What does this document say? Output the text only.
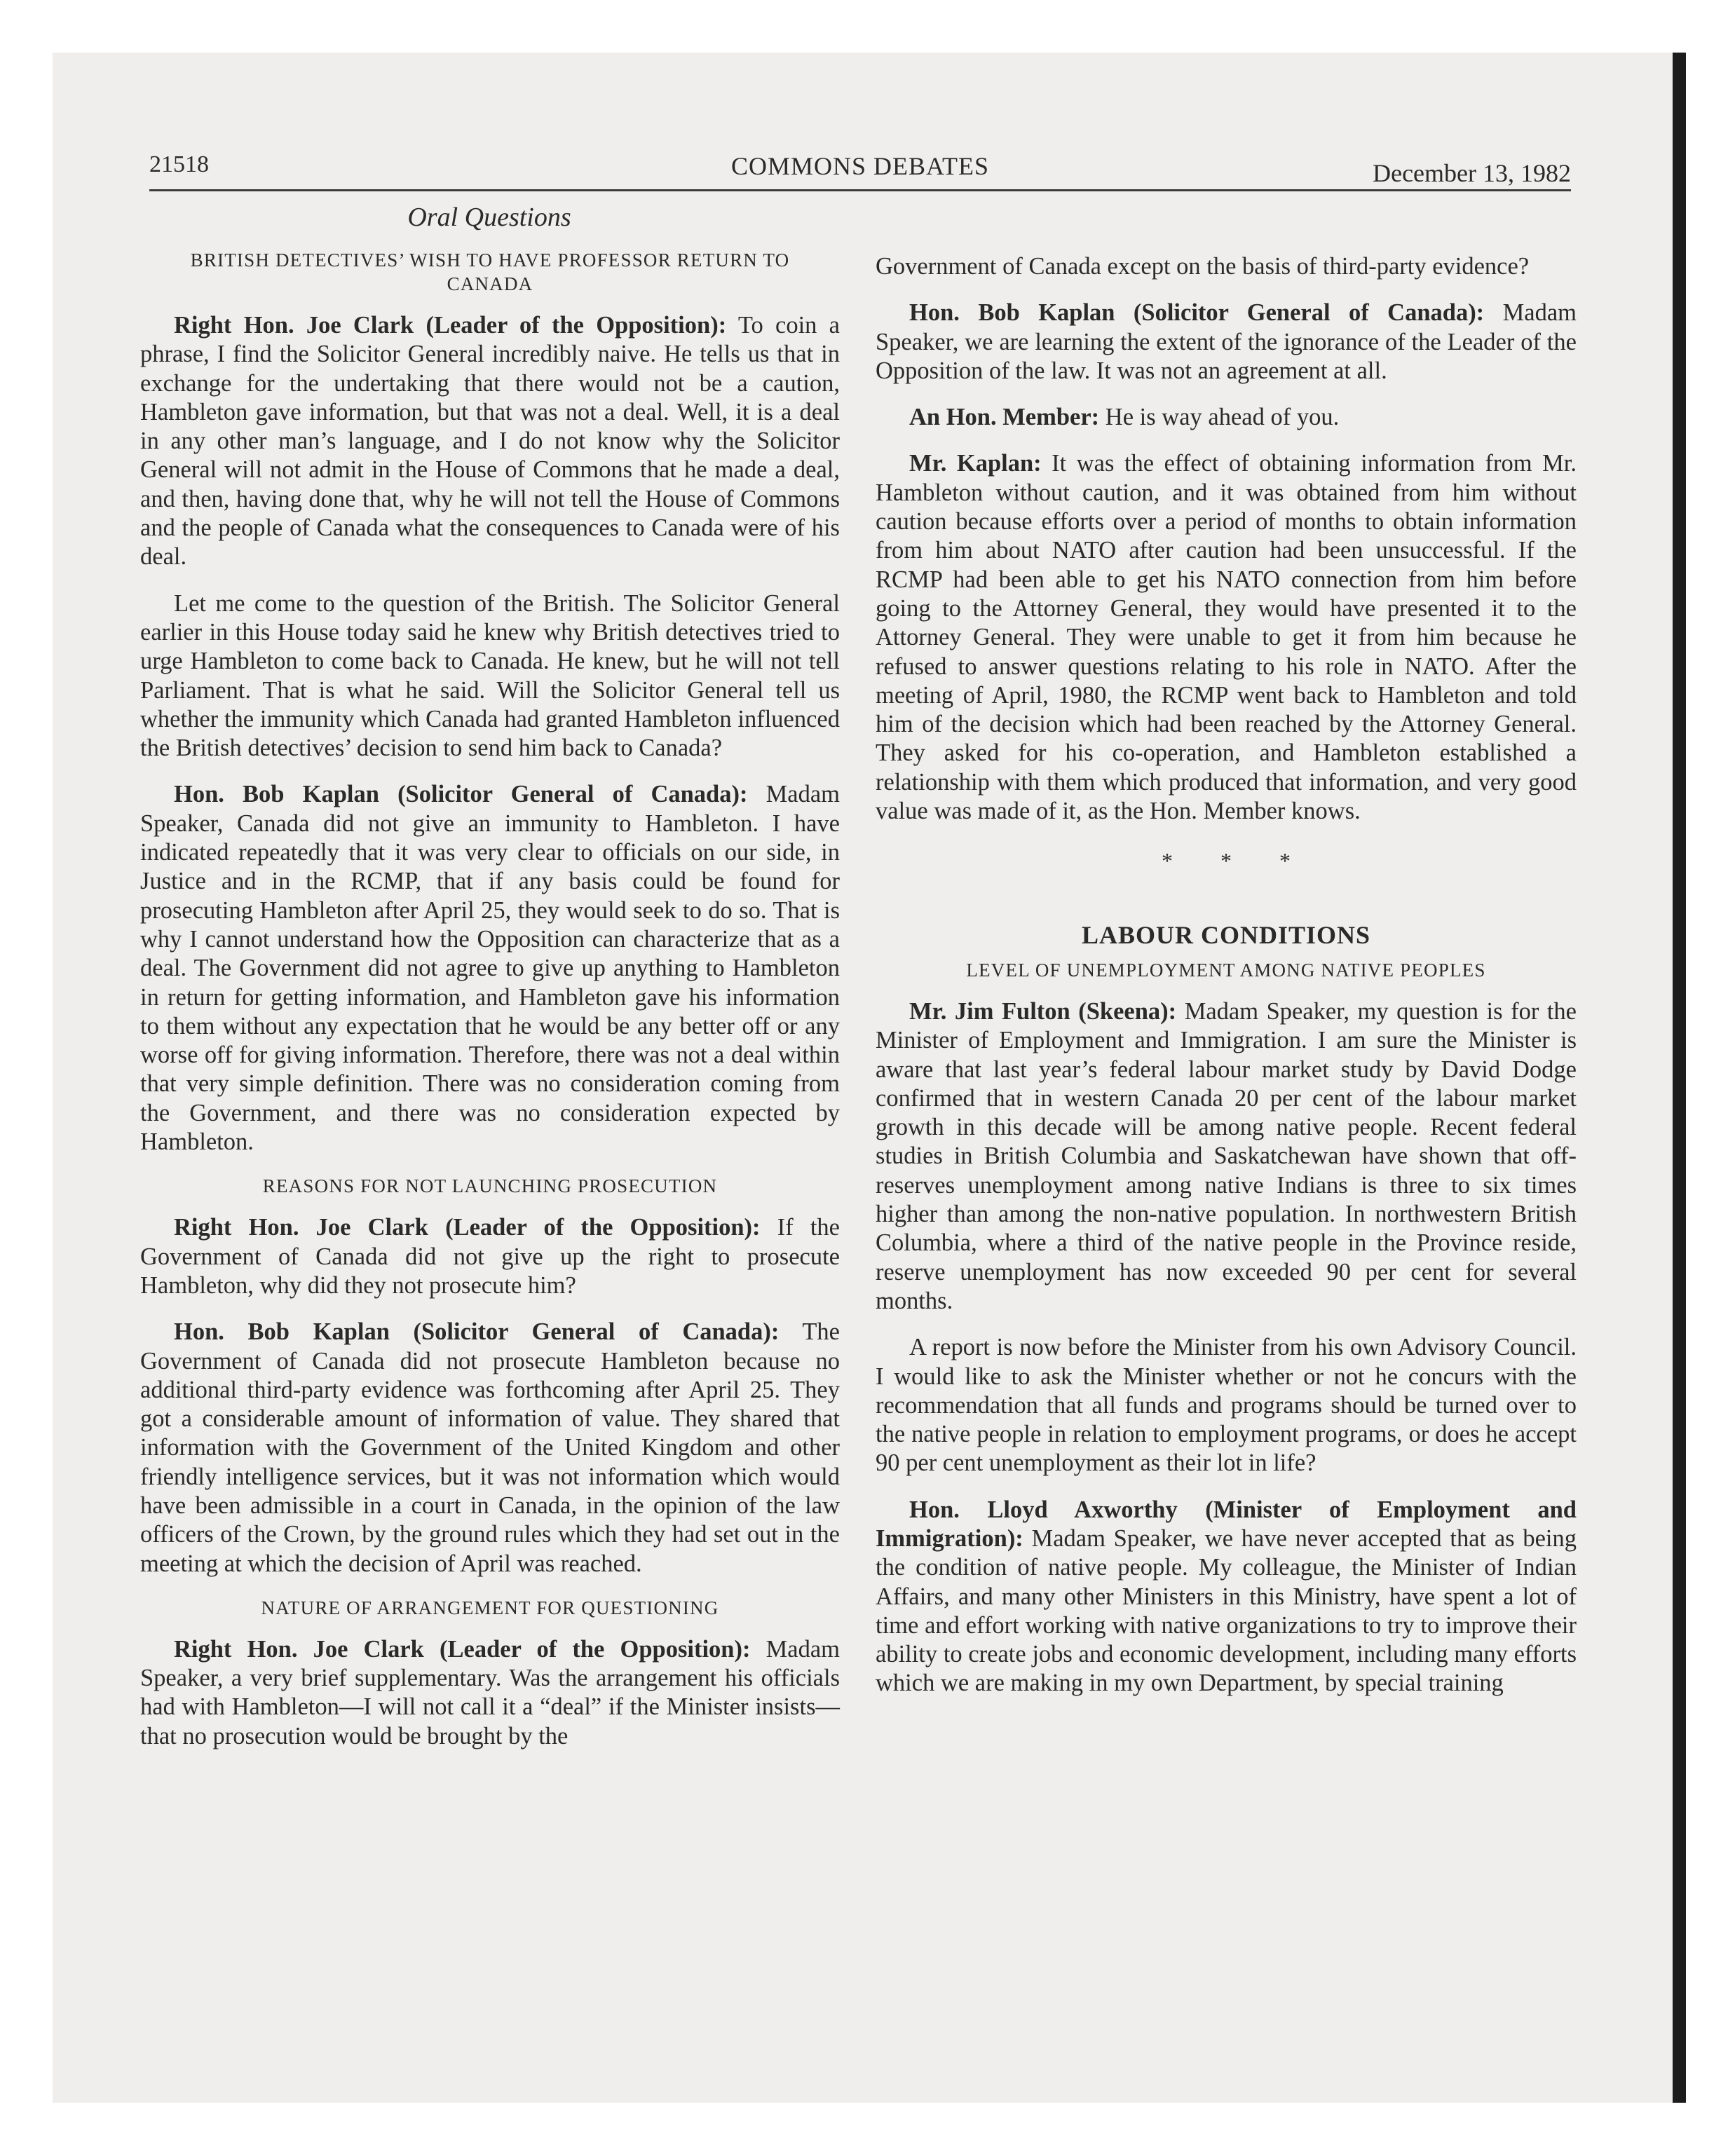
21518	COMMONS DEBATES	December 13, 1982
Oral Questions
BRITISH DETECTIVES’ WISH TO HAVE PROFESSOR RETURN TO CANADA

Right Hon. Joe Clark (Leader of the Opposition): To coin a phrase, I find the Solicitor General incredibly naive. He tells us that in exchange for the undertaking that there would not be a caution, Hambleton gave information, but that was not a deal. Well, it is a deal in any other man’s language, and I do not know why the Solicitor General will not admit in the House of Commons that he made a deal, and then, having done that, why he will not tell the House of Commons and the people of Canada what the consequences to Canada were of his deal.

Let me come to the question of the British. The Solicitor General earlier in this House today said he knew why British detectives tried to urge Hambleton to come back to Canada. He knew, but he will not tell Parliament. That is what he said. Will the Solicitor General tell us whether the immunity which Canada had granted Hambleton influenced the British detectives’ decision to send him back to Canada?

Hon. Bob Kaplan (Solicitor General of Canada): Madam Speaker, Canada did not give an immunity to Hambleton. I have indicated repeatedly that it was very clear to officials on our side, in Justice and in the RCMP, that if any basis could be found for prosecuting Hambleton after April 25, they would seek to do so. That is why I cannot understand how the Opposition can characterize that as a deal. The Government did not agree to give up anything to Hambleton in return for getting information, and Hambleton gave his information to them without any expectation that he would be any better off or any worse off for giving information. Therefore, there was not a deal within that very simple definition. There was no consideration coming from the Government, and there was no consideration expected by Hambleton.

REASONS FOR NOT LAUNCHING PROSECUTION

Right Hon. Joe Clark (Leader of the Opposition): If the Government of Canada did not give up the right to prosecute Hambleton, why did they not prosecute him?

Hon. Bob Kaplan (Solicitor General of Canada): The Government of Canada did not prosecute Hambleton because no additional third-party evidence was forthcoming after April 25. They got a considerable amount of information of value. They shared that information with the Government of the United Kingdom and other friendly intelligence services, but it was not information which would have been admissible in a court in Canada, in the opinion of the law officers of the Crown, by the ground rules which they had set out in the meeting at which the decision of April was reached.

NATURE OF ARRANGEMENT FOR QUESTIONING

Right Hon. Joe Clark (Leader of the Opposition): Madam Speaker, a very brief supplementary. Was the arrangement his officials had with Hambleton—I will not call it a “deal” if the Minister insists—that no prosecution would be brought by the

Government of Canada except on the basis of third-party evidence?

Hon. Bob Kaplan (Solicitor General of Canada): Madam Speaker, we are learning the extent of the ignorance of the Leader of the Opposition of the law. It was not an agreement at all.

An Hon. Member: He is way ahead of you.

Mr. Kaplan: It was the effect of obtaining information from Mr. Hambleton without caution, and it was obtained from him without caution because efforts over a period of months to obtain information from him about NATO after caution had been unsuccessful. If the RCMP had been able to get his NATO connection from him before going to the Attorney General, they would have presented it to the Attorney General. They were unable to get it from him because he refused to answer questions relating to his role in NATO. After the meeting of April, 1980, the RCMP went back to Hambleton and told him of the decision which had been reached by the Attorney General. They asked for his co-operation, and Hambleton established a relationship with them which produced that information, and very good value was made of it, as the Hon. Member knows.

* * *
LABOUR CONDITIONS
LEVEL OF UNEMPLOYMENT AMONG NATIVE PEOPLES

Mr. Jim Fulton (Skeena): Madam Speaker, my question is for the Minister of Employment and Immigration. I am sure the Minister is aware that last year’s federal labour market study by David Dodge confirmed that in western Canada 20 per cent of the labour market growth in this decade will be among native people. Recent federal studies in British Columbia and Saskatchewan have shown that off-reserves unemployment among native Indians is three to six times higher than among the non-native population. In northwestern British Columbia, where a third of the native people in the Province reside, reserve unemployment has now exceeded 90 per cent for several months.

A report is now before the Minister from his own Advisory Council. I would like to ask the Minister whether or not he concurs with the recommendation that all funds and programs should be turned over to the native people in relation to employment programs, or does he accept 90 per cent unemployment as their lot in life?

Hon. Lloyd Axworthy (Minister of Employment and Immigration): Madam Speaker, we have never accepted that as being the condition of native people. My colleague, the Minister of Indian Affairs, and many other Ministers in this Ministry, have spent a lot of time and effort working with native organizations to try to improve their ability to create jobs and economic development, including many efforts which we are making in my own Department, by special training
